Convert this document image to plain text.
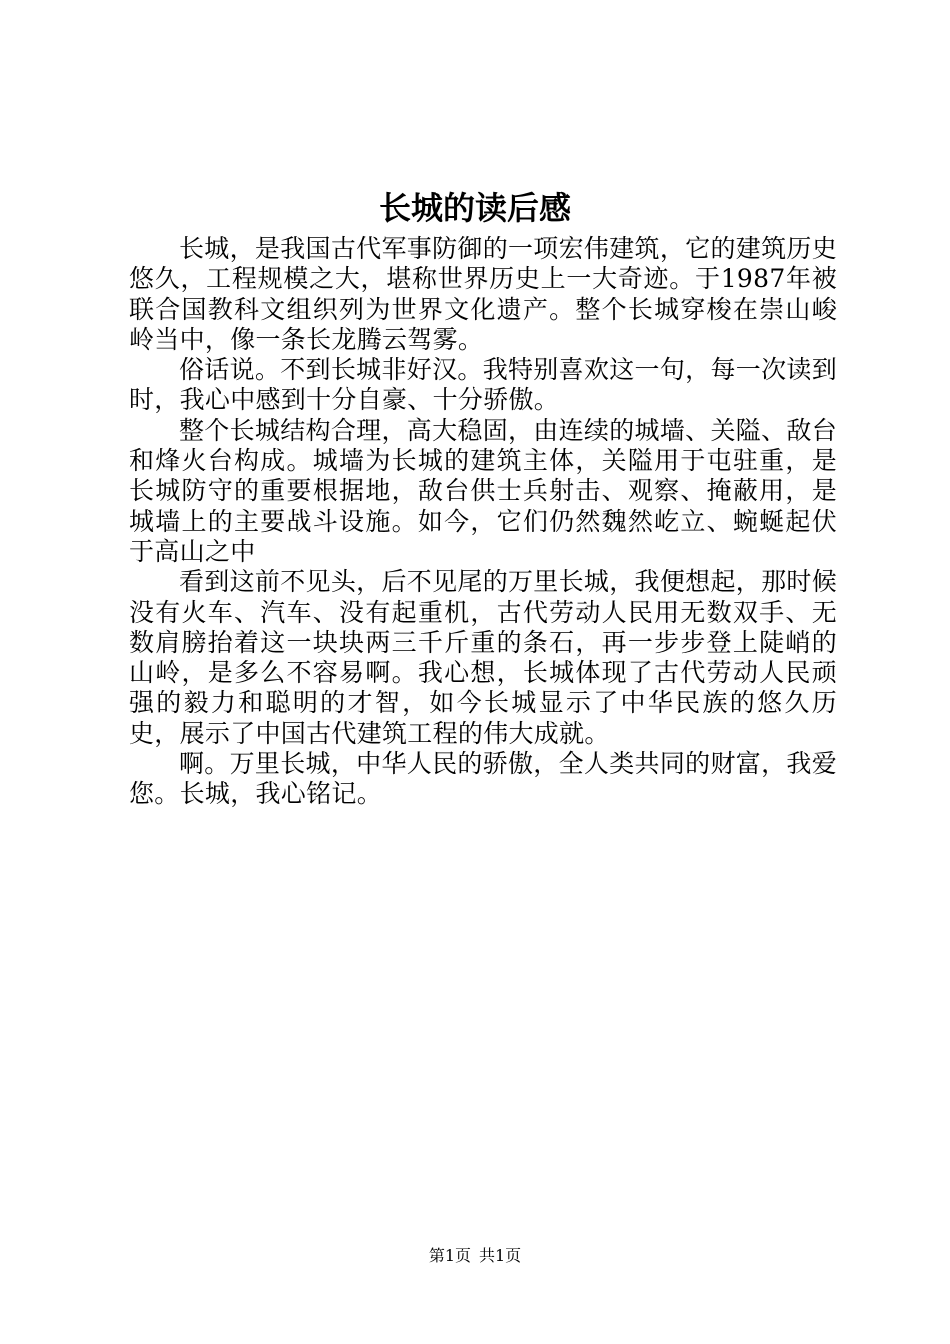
长城的读后感

长城，是我国古代军事防御的一项宏伟建筑，它的建筑历史悠久，工程规模之大，堪称世界历史上一大奇迹。于1987年被联合国教科文组织列为世界文化遗产。整个长城穿梭在崇山峻岭当中，像一条长龙腾云驾雾。

俗话说。不到长城非好汉。我特别喜欢这一句，每一次读到时，我心中感到十分自豪、十分骄傲。

整个长城结构合理，高大稳固，由连续的城墙、关隘、敌台和烽火台构成。城墙为长城的建筑主体，关隘用于屯驻重，是长城防守的重要根据地，敌台供士兵射击、观察、掩蔽用，是城墙上的主要战斗设施。如今，它们仍然魏然屹立、蜿蜒起伏于高山之中

看到这前不见头，后不见尾的万里长城，我便想起，那时候没有火车、汽车、没有起重机，古代劳动人民用无数双手、无数肩膀抬着这一块块两三千斤重的条石，再一步步登上陡峭的山岭，是多么不容易啊。我心想，长城体现了古代劳动人民顽强的毅力和聪明的才智，如今长城显示了中华民族的悠久历史，展示了中国古代建筑工程的伟大成就。

啊。万里长城，中华人民的骄傲，全人类共同的财富，我爱您。长城，我心铭记。

第1页 共1页
